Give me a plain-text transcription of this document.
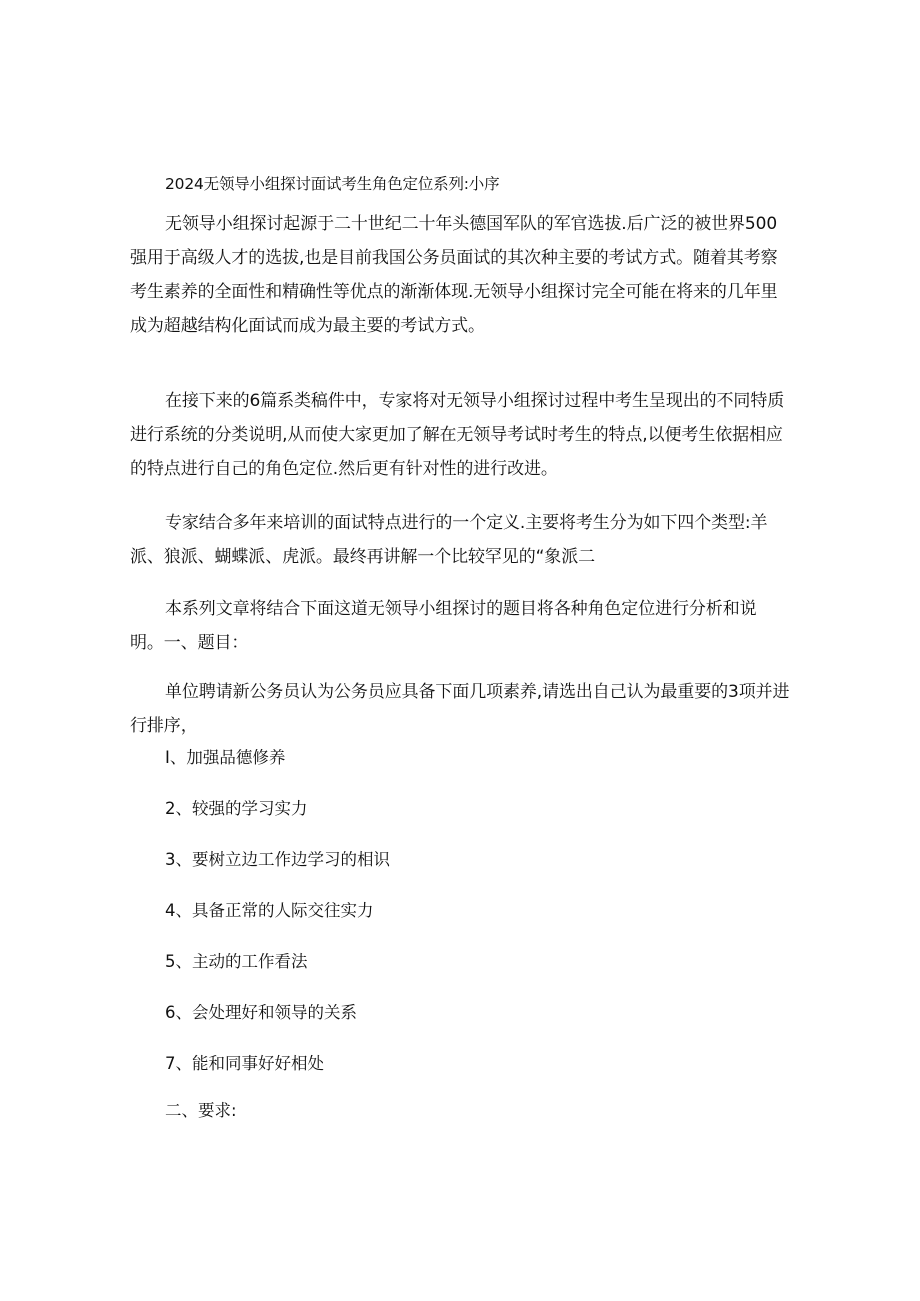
2024无领导小组探讨面试考生角色定位系列:小序

无领导小组探讨起源于二十世纪二十年头德国军队的军官选拔.后广泛的被世界500强用于高级人才的选拔,也是目前我国公务员面试的其次种主要的考试方式。随着其考察考生素养的全面性和精确性等优点的渐渐体现.无领导小组探讨完全可能在将来的几年里成为超越结构化面试而成为最主要的考试方式。

在接下来的6篇系类稿件中，专家将对无领导小组探讨过程中考生呈现出的不同特质进行系统的分类说明,从而使大家更加了解在无领导考试时考生的特点,以便考生依据相应的特点进行自己的角色定位.然后更有针对性的进行改进。

专家结合多年来培训的面试特点进行的一个定义.主要将考生分为如下四个类型:羊派、狼派、蝴蝶派、虎派。最终再讲解一个比较罕见的“象派二

本系列文章将结合下面这道无领导小组探讨的题目将各种角色定位进行分析和说明。一、题目：

单位聘请新公务员认为公务员应具备下面几项素养,请选出自己认为最重要的3项并进行排序，

I、加强品德修养
2、较强的学习实力
3、要树立边工作边学习的相识
4、具备正常的人际交往实力
5、主动的工作看法
6、会处理好和领导的关系
7、能和同事好好相处
二、要求:
